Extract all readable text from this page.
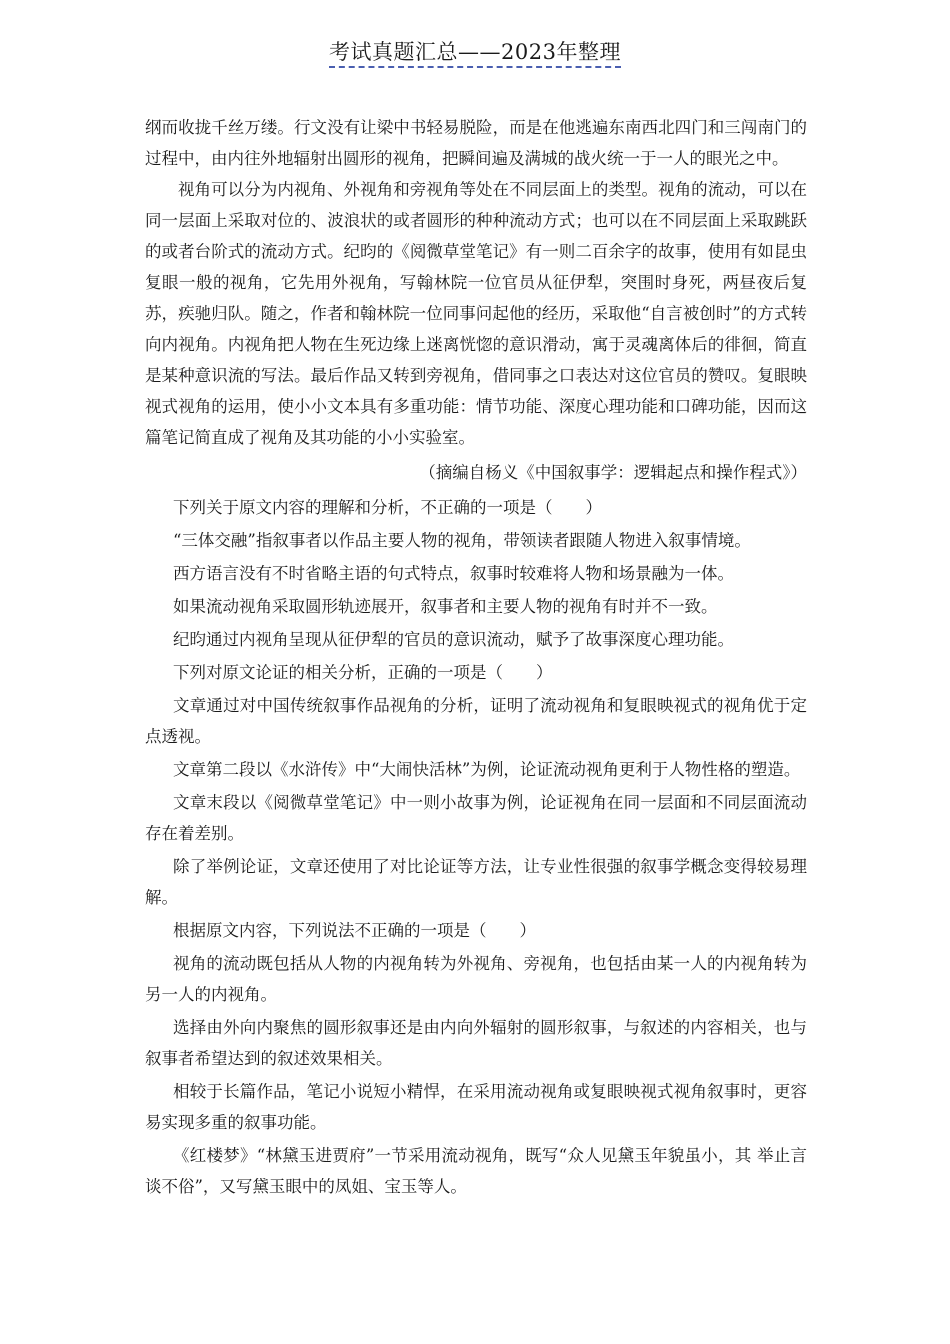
考试真题汇总——2023年整理

纲而收拢千丝万缕。行文没有让梁中书轻易脱险，而是在他逃遍东南西北四门和三闯南门的过程中，由内往外地辐射出圆形的视角，把瞬间遍及满城的战火统一于一人的眼光之中。

视角可以分为内视角、外视角和旁视角等处在不同层面上的类型。视角的流动，可以在同一层面上采取对位的、波浪状的或者圆形的种种流动方式；也可以在不同层面上采取跳跃的或者台阶式的流动方式。纪昀的《阅微草堂笔记》有一则二百余字的故事，使用有如昆虫复眼一般的视角，它先用外视角，写翰林院一位官员从征伊犁，突围时身死，两昼夜后复苏，疾驰归队。随之，作者和翰林院一位同事问起他的经历，采取他“自言被创时”的方式转向内视角。内视角把人物在生死边缘上迷离恍惚的意识滑动，寓于灵魂离体后的徘徊，简直是某种意识流的写法。最后作品又转到旁视角，借同事之口表达对这位官员的赞叹。复眼映视式视角的运用，使小小文本具有多重功能：情节功能、深度心理功能和口碑功能，因而这篇笔记简直成了视角及其功能的小小实验室。

（摘编自杨义《中国叙事学：逻辑起点和操作程式》）
下列关于原文内容的理解和分析，不正确的一项是（　　）
“三体交融”指叙事者以作品主要人物的视角，带领读者跟随人物进入叙事情境。
西方语言没有不时省略主语的句式特点，叙事时较难将人物和场景融为一体。
如果流动视角采取圆形轨迹展开，叙事者和主要人物的视角有时并不一致。
纪昀通过内视角呈现从征伊犁的官员的意识流动，赋予了故事深度心理功能。
下列对原文论证的相关分析，正确的一项是（　　）
文章通过对中国传统叙事作品视角的分析，证明了流动视角和复眼映视式的视角优于定点透视。
文章第二段以《水浒传》中“大闹快活林”为例，论证流动视角更利于人物性格的塑造。
文章末段以《阅微草堂笔记》中一则小故事为例，论证视角在同一层面和不同层面流动存在着差别。
除了举例论证，文章还使用了对比论证等方法，让专业性很强的叙事学概念变得较易理解。
根据原文内容，下列说法不正确的一项是（　　）
视角的流动既包括从人物的内视角转为外视角、旁视角，也包括由某一人的内视角转为另一人的内视角。
选择由外向内聚焦的圆形叙事还是由内向外辐射的圆形叙事，与叙述的内容相关，也与叙事者希望达到的叙述效果相关。
相较于长篇作品，笔记小说短小精悍，在采用流动视角或复眼映视式视角叙事时，更容易实现多重的叙事功能。
《红楼梦》“林黛玉进贾府”一节采用流动视角，既写“众人见黛玉年貌虽小，其 举止言谈不俗”，又写黛玉眼中的凤姐、宝玉等人。
